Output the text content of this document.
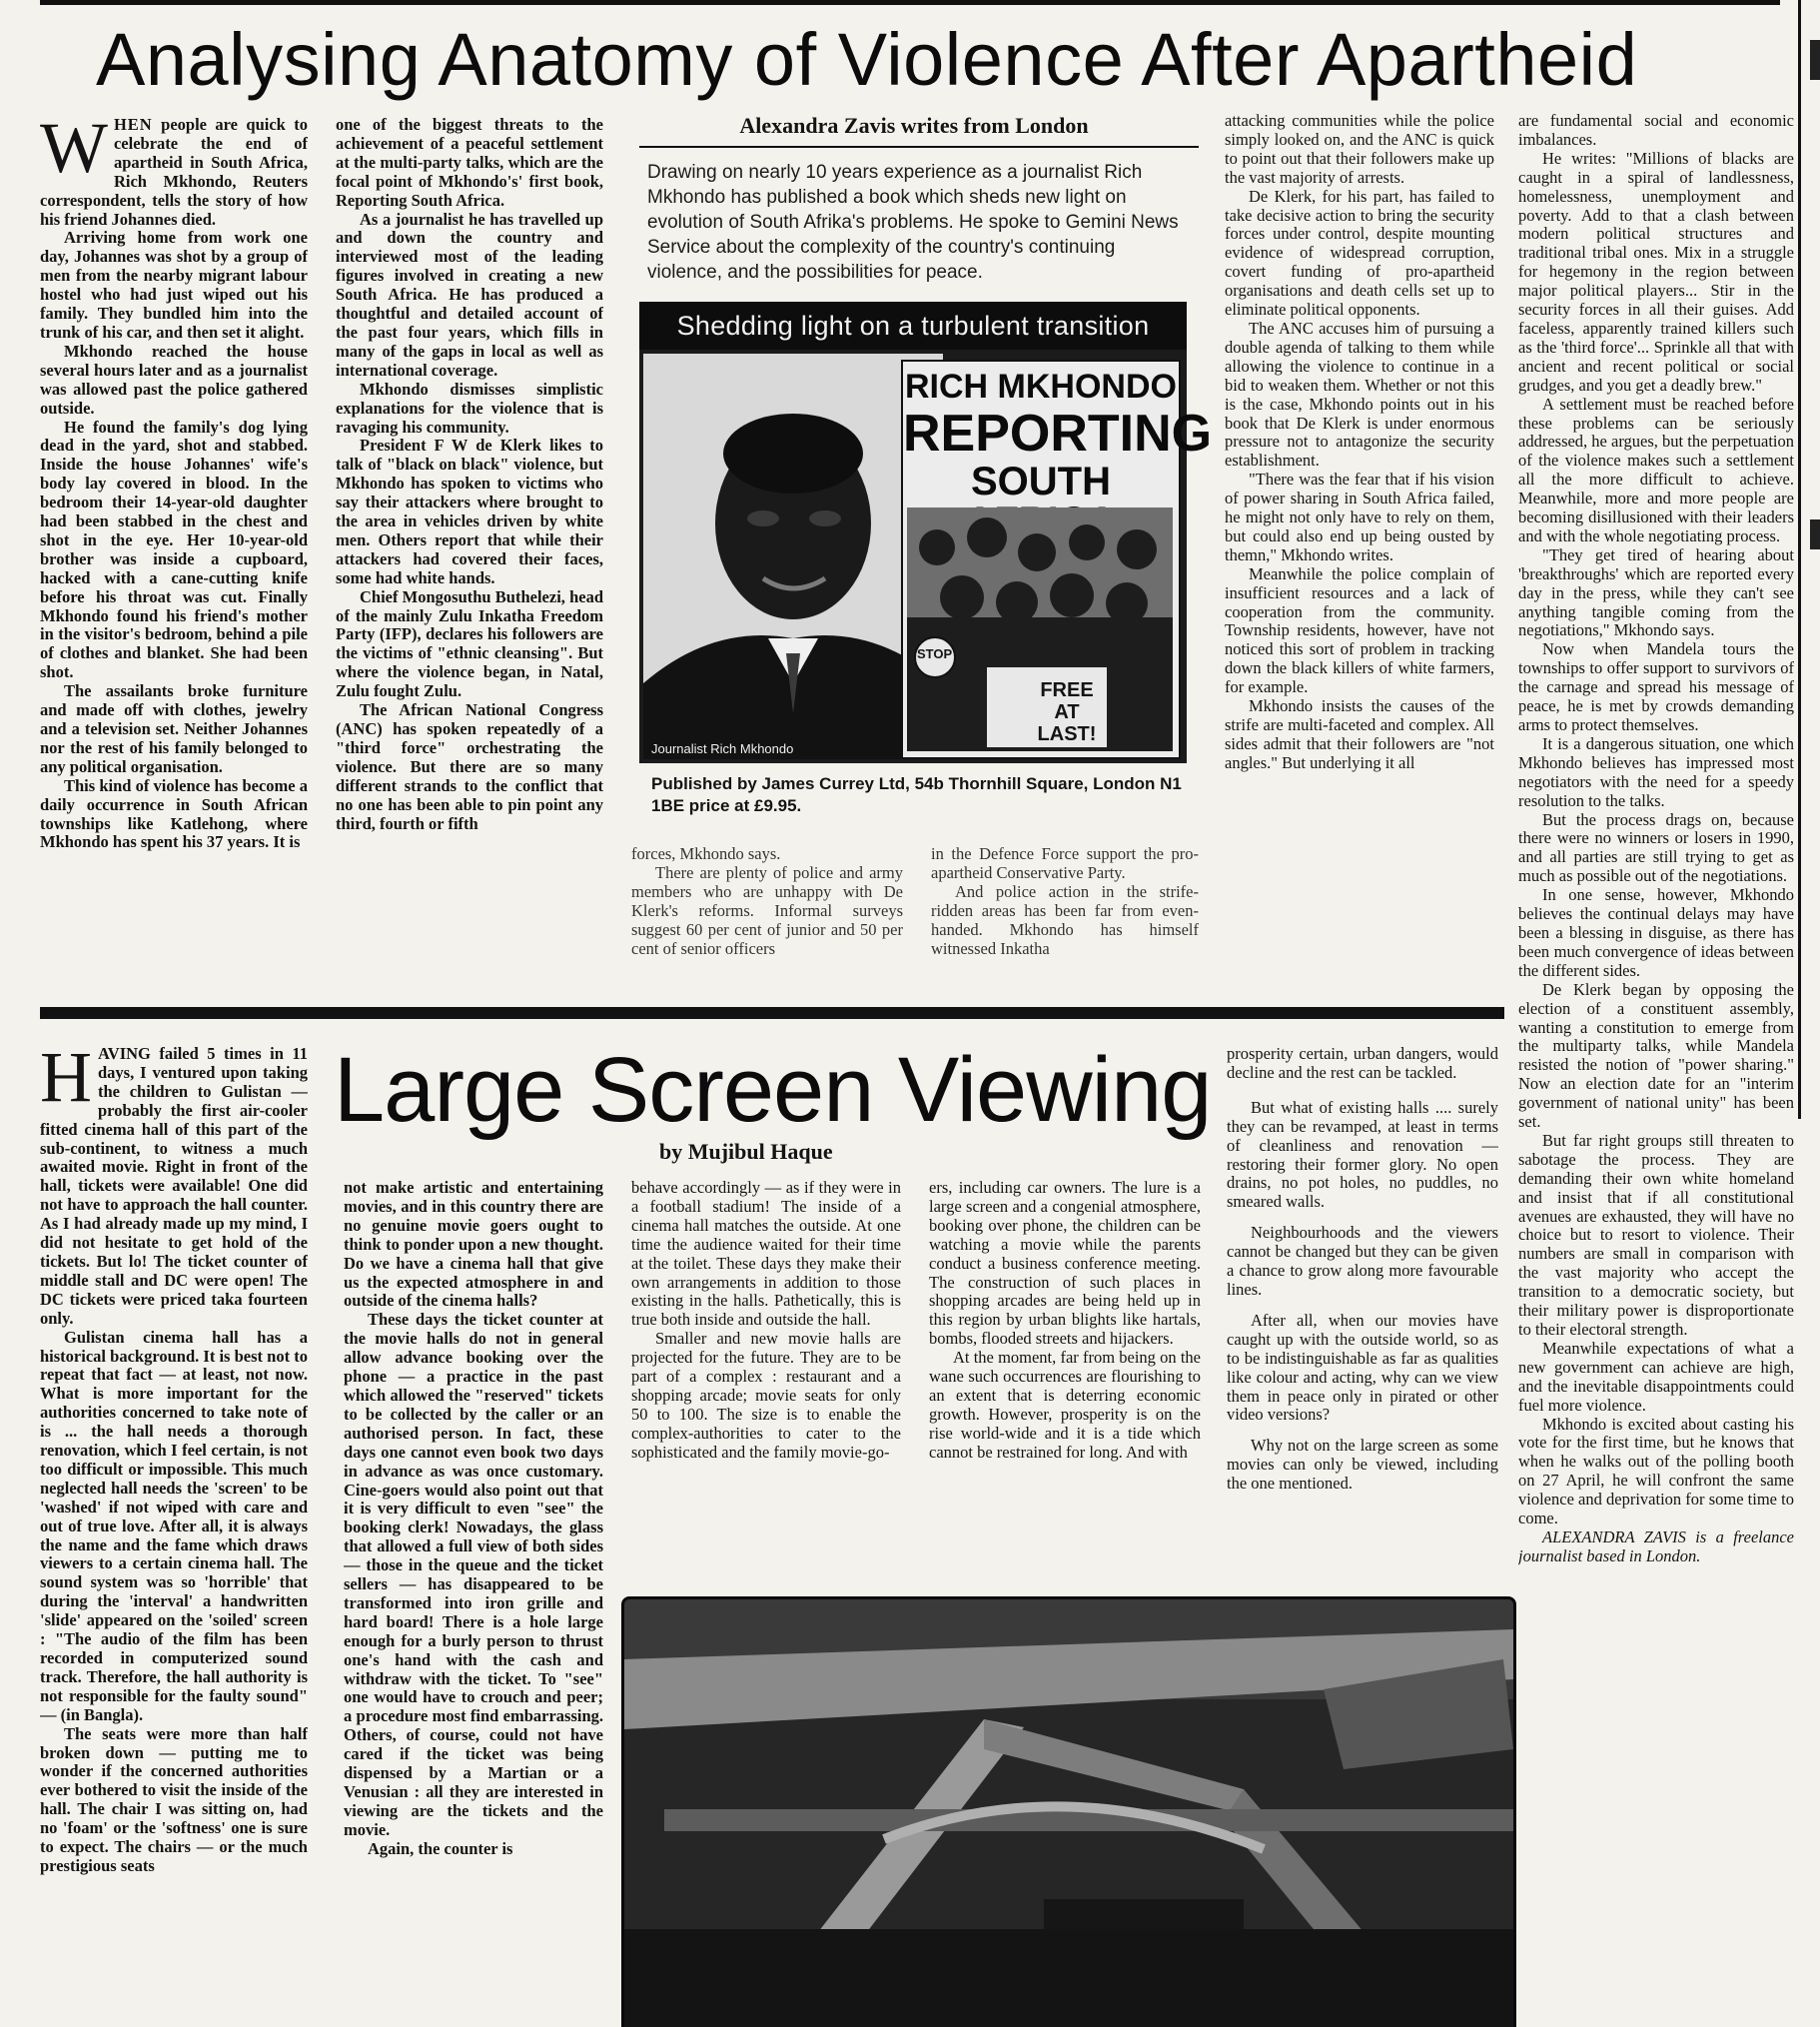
Analysing Anatomy of Violence After Apartheid

WHEN people are quick to celebrate the end of apartheid in South Africa, Rich Mkhondo, Reuters correspondent, tells the story of how his friend Johannes died.

Arriving home from work one day, Johannes was shot by a group of men from the nearby migrant labour hostel who had just wiped out his family. They bundled him into the trunk of his car, and then set it alight.

Mkhondo reached the house several hours later and as a journalist was allowed past the police gathered outside.

He found the family's dog lying dead in the yard, shot and stabbed. Inside the house Johannes' wife's body lay covered in blood. In the bedroom their 14-year-old daughter had been stabbed in the chest and shot in the eye. Her 10-year-old brother was inside a cupboard, hacked with a cane-cutting knife before his throat was cut. Finally Mkhondo found his friend's mother in the visitor's bedroom, behind a pile of clothes and blanket. She had been shot.

The assailants broke furniture and made off with clothes, jewelry and a television set. Neither Johannes nor the rest of his family belonged to any political organisation.

This kind of violence has become a daily occurrence in South African townships like Katlehong, where Mkhondo has spent his 37 years. It is

one of the biggest threats to the achievement of a peaceful settlement at the multi-party talks, which are the focal point of Mkhondo's' first book, Reporting South Africa.

As a journalist he has travelled up and down the country and interviewed most of the leading figures involved in creating a new South Africa. He has produced a thoughtful and detailed account of the past four years, which fills in many of the gaps in local as well as international coverage.

Mkhondo dismisses simplistic explanations for the violence that is ravaging his community.

President F W de Klerk likes to talk of "black on black" violence, but Mkhondo has spoken to victims who say their attackers where brought to the area in vehicles driven by white men. Others report that while their attackers had covered their faces, some had white hands.

Chief Mongosuthu Buthelezi, head of the mainly Zulu Inkatha Freedom Party (IFP), declares his followers are the victims of "ethnic cleansing". But where the violence began, in Natal, Zulu fought Zulu.

The African National Congress (ANC) has spoken repeatedly of a "third force" orchestrating the violence. But there are so many different strands to the conflict that no one has been able to pin point any third, fourth or fifth

Alexandra Zavis writes from London
Drawing on nearly 10 years experience as a journalist Rich Mkhondo has published a book which sheds new light on evolution of South Afrika's problems. He spoke to Gemini News Service about the complexity of the country's continuing violence, and the possibilities for peace.
Shedding light on a turbulent transition
Journalist Rich Mkhondo
RICH MKHONDO
REPORTING
SOUTH
STOP
FREE AT LAST!
Published by James Currey Ltd, 54b Thornhill Square, London N1 1BE price at £9.95.

forces, Mkhondo says.

There are plenty of police and army members who are unhappy with De Klerk's reforms. Informal surveys suggest 60 per cent of junior and 50 per cent of senior officers

in the Defence Force support the pro-apartheid Conservative Party.

And police action in the strife-ridden areas has been far from even-handed. Mkhondo has himself witnessed Inkatha

attacking communities while the police simply looked on, and the ANC is quick to point out that their followers make up the vast majority of arrests.

De Klerk, for his part, has failed to take decisive action to bring the security forces under control, despite mounting evidence of widespread corruption, covert funding of pro-apartheid organisations and death cells set up to eliminate political opponents.

The ANC accuses him of pursuing a double agenda of talking to them while allowing the violence to continue in a bid to weaken them. Whether or not this is the case, Mkhondo points out in his book that De Klerk is under enormous pressure not to antagonize the security establishment.

"There was the fear that if his vision of power sharing in South Africa failed, he might not only have to rely on them, but could also end up being ousted by themn," Mkhondo writes.

Meanwhile the police complain of insufficient resources and a lack of cooperation from the community. Township residents, however, have not noticed this sort of problem in tracking down the black killers of white farmers, for example.

Mkhondo insists the causes of the strife are multi-faceted and complex. All sides admit that their followers are "not angles." But underlying it all

are fundamental social and economic imbalances.

He writes: "Millions of blacks are caught in a spiral of landlessness, homelessness, unemployment and poverty. Add to that a clash between modern political structures and traditional tribal ones. Mix in a struggle for hegemony in the region between major political players... Stir in the security forces in all their guises. Add faceless, apparently trained killers such as the 'third force'... Sprinkle all that with ancient and recent political or social grudges, and you get a deadly brew."

A settlement must be reached before these problems can be seriously addressed, he argues, but the perpetuation of the violence makes such a settlement all the more difficult to achieve. Meanwhile, more and more people are becoming disillusioned with their leaders and with the whole negotiating process.

"They get tired of hearing about 'breakthroughs' which are reported every day in the press, while they can't see anything tangible coming from the negotiations," Mkhondo says.

Now when Mandela tours the townships to offer support to survivors of the carnage and spread his message of peace, he is met by crowds demanding arms to protect themselves.

It is a dangerous situation, one which Mkhondo believes has impressed most negotiators with the need for a speedy resolution to the talks.

But the process drags on, because there were no winners or losers in 1990, and all parties are still trying to get as much as possible out of the negotiations.

In one sense, however, Mkhondo believes the continual delays may have been a blessing in disguise, as there has been much convergence of ideas between the different sides.

De Klerk began by opposing the election of a constituent assembly, wanting a constitution to emerge from the multiparty talks, while Mandela resisted the notion of "power sharing." Now an election date for an "interim government of national unity" has been set.

But far right groups still threaten to sabotage the process. They are demanding their own white homeland and insist that if all constitutional avenues are exhausted, they will have no choice but to resort to violence. Their numbers are small in comparison with the vast majority who accept the transition to a democratic society, but their military power is disproportionate to their electoral strength.

Meanwhile expectations of what a new government can achieve are high, and the inevitable disappointments could fuel more violence.

Mkhondo is excited about casting his vote for the first time, but he knows that when he walks out of the polling booth on 27 April, he will confront the same violence and deprivation for some time to come.

ALEXANDRA ZAVIS is a freelance journalist based in London.

Large Screen Viewing
by Mujibul Haque

HAVING failed 5 times in 11 days, I ventured upon taking the children to Gulistan — probably the first air-cooler fitted cinema hall of this part of the sub-continent, to witness a much awaited movie. Right in front of the hall, tickets were available! One did not have to approach the hall counter. As I had already made up my mind, I did not hesitate to get hold of the tickets. But lo! The ticket counter of middle stall and DC were open! The DC tickets were priced taka fourteen only.

Gulistan cinema hall has a historical background. It is best not to repeat that fact — at least, not now. What is more important for the authorities concerned to take note of is ... the hall needs a thorough renovation, which I feel certain, is not too difficult or impossible. This much neglected hall needs the 'screen' to be 'washed' if not wiped with care and out of true love. After all, it is always the name and the fame which draws viewers to a certain cinema hall. The sound system was so 'horrible' that during the 'interval' a handwritten 'slide' appeared on the 'soiled' screen : "The audio of the film has been recorded in computerized sound track. Therefore, the hall authority is not responsible for the faulty sound" — (in Bangla).

The seats were more than half broken down — putting me to wonder if the concerned authorities ever bothered to visit the inside of the hall. The chair I was sitting on, had no 'foam' or the 'softness' one is sure to expect. The chairs — or the much prestigious seats

not make artistic and entertaining movies, and in this country there are no genuine movie goers ought to think to ponder upon a new thought. Do we have a cinema hall that give us the expected atmosphere in and outside of the cinema halls?

These days the ticket counter at the movie halls do not in general allow advance booking over the phone — a practice in the past which allowed the "reserved" tickets to be collected by the caller or an authorised person. In fact, these days one cannot even book two days in advance as was once customary. Cine-goers would also point out that it is very difficult to even "see" the booking clerk! Nowadays, the glass that allowed a full view of both sides — those in the queue and the ticket sellers — has disappeared to be transformed into iron grille and hard board! There is a hole large enough for a burly person to thrust one's hand with the cash and withdraw with the ticket. To "see" one would have to crouch and peer; a procedure most find embarrassing. Others, of course, could not have cared if the ticket was being dispensed by a Martian or a Venusian : all they are interested in viewing are the tickets and the movie.

Again, the counter is

behave accordingly — as if they were in a football stadium! The inside of a cinema hall matches the outside. At one time the audience waited for their time at the toilet. These days they make their own arrangements in addition to those existing in the halls. Pathetically, this is true both inside and outside the hall.

Smaller and new movie halls are projected for the future. They are to be part of a complex : restaurant and a shopping arcade; movie seats for only 50 to 100. The size is to enable the complex-authorities to cater to the sophisticated and the family movie-go-

ers, including car owners. The lure is a large screen and a congenial atmosphere, booking over phone, the children can be watching a movie while the parents conduct a business conference meeting. The construction of such places in shopping arcades are being held up in this region by urban blights like hartals, bombs, flooded streets and hijackers.

At the moment, far from being on the wane such occurrences are flourishing to an extent that is deterring economic growth. However, prosperity is on the rise world-wide and it is a tide which cannot be restrained for long. And with

prosperity certain, urban dangers, would decline and the rest can be tackled.

But what of existing halls .... surely they can be revamped, at least in terms of cleanliness and renovation — restoring their former glory. No open drains, no pot holes, no puddles, no smeared walls.

Neighbourhoods and the viewers cannot be changed but they can be given a chance to grow along more favourable lines.

After all, when our movies have caught up with the outside world, so as to be indistinguishable as far as qualities like colour and acting, why can we view them in peace only in pirated or other video versions?

Why not on the large screen as some movies can only be viewed, including the one mentioned.
